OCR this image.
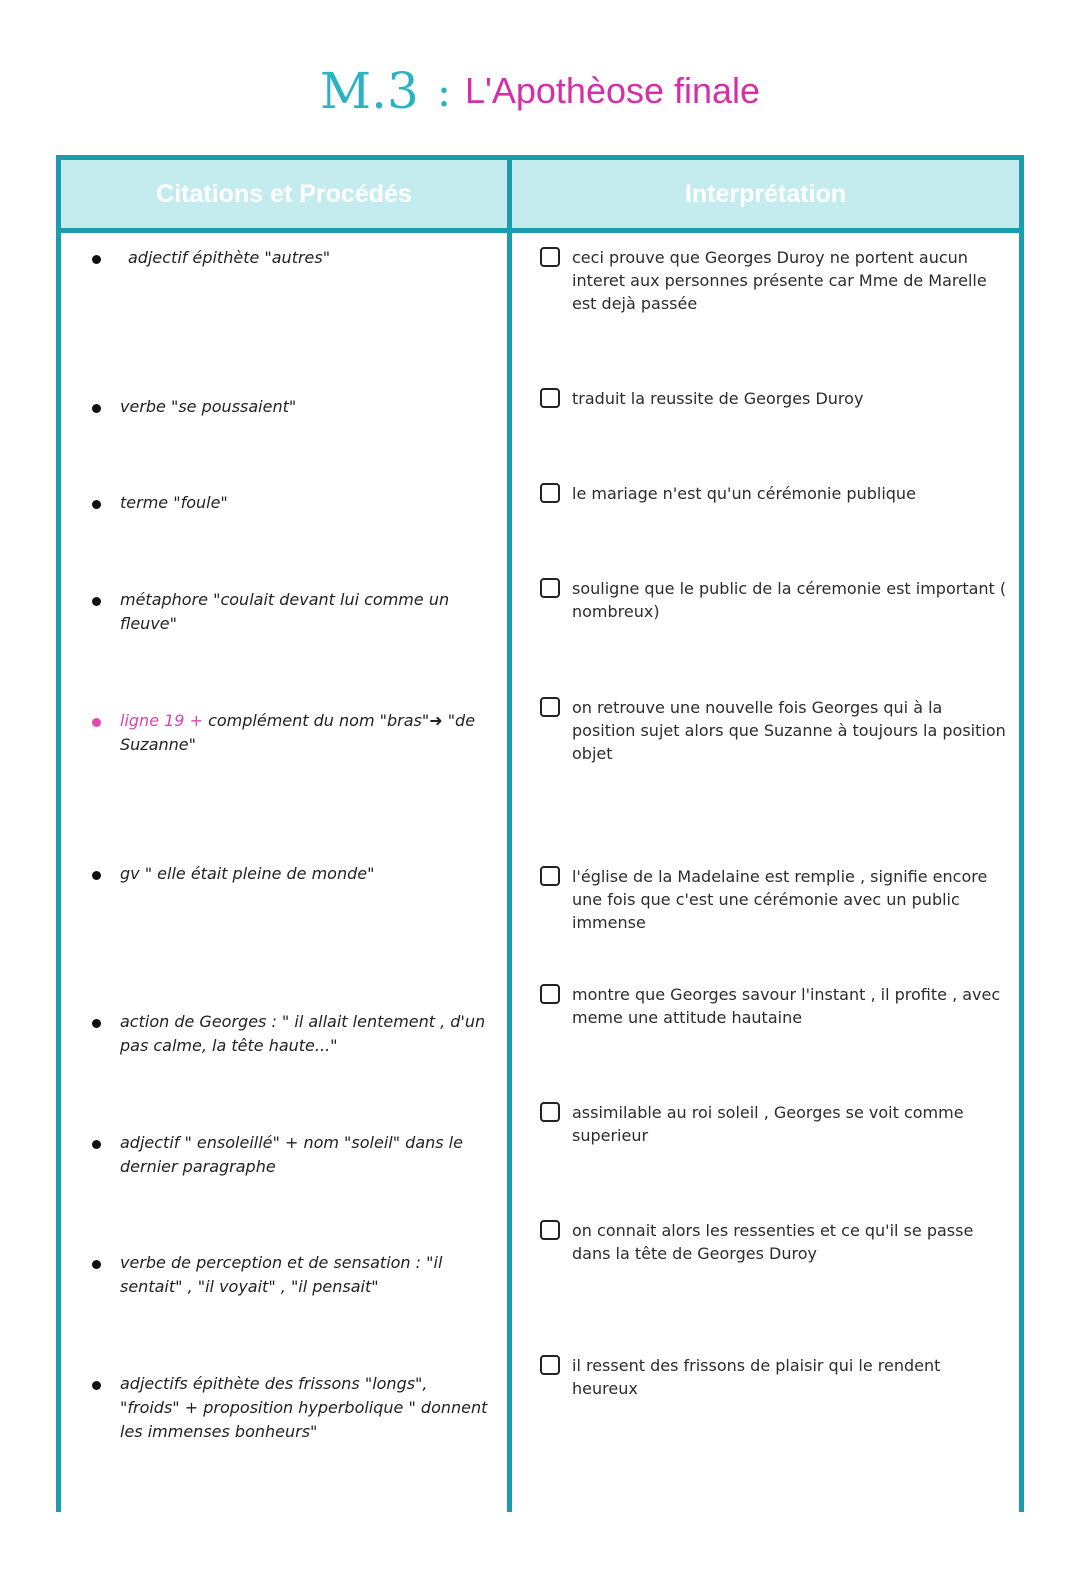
M.3 : L'Apothèose finale
Citations et Procédés	Interprétation
adjectif épithète "autres"
verbe "se poussaient"
terme "foule"
métaphore "coulait devant lui comme un fleuve"
ligne 19 + complément du nom "bras"➜ "de Suzanne"
gv " elle était pleine de monde"
action de Georges : " il allait lentement , d'un pas calme, la tête haute..."
adjectif " ensoleillé" + nom "soleil" dans le dernier paragraphe
verbe de perception et de sensation : "il sentait" , "il voyait" , "il pensait"
adjectifs épithète des frissons "longs", "froids" + proposition hyperbolique " donnent les immenses bonheurs"
ceci prouve que Georges Duroy ne portent aucun interet aux personnes présente car Mme de Marelle est dejà passée
traduit la reussite de Georges Duroy
le mariage n'est qu'un cérémonie publique
souligne que le public de la céremonie est important ( nombreux)
on retrouve une nouvelle fois Georges qui à la position sujet alors que Suzanne à toujours la position objet
l'église de la Madelaine est remplie , signifie encore une fois que c'est une cérémonie avec un public immense
montre que Georges savour l'instant , il profite , avec meme une attitude hautaine
assimilable au roi soleil , Georges se voit comme superieur
on connait alors les ressenties et ce qu'il se passe dans la tête de Georges Duroy
il ressent des frissons de plaisir qui le rendent heureux
